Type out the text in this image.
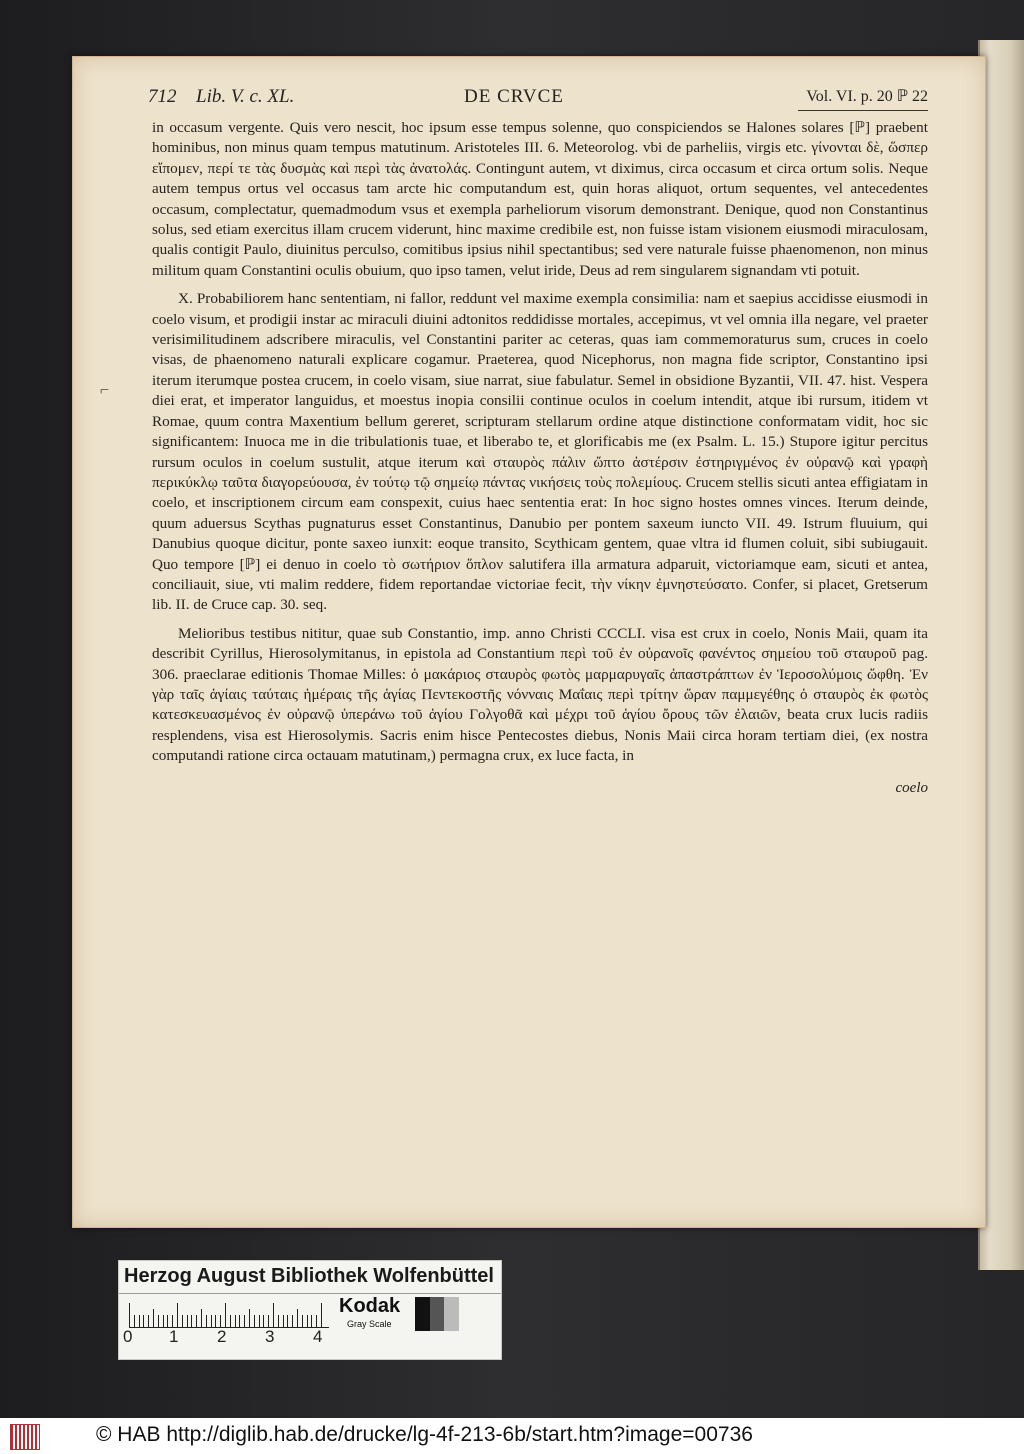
712 Lib. V. c. XL.	DE CRVCE	Vol. VI. p. 20 ℙ 22
⌐

in occasum vergente. Quis vero nescit, hoc ipsum esse tempus solenne, quo conspiciendos se Halones solares [ℙ] praebent hominibus, non minus quam tempus matutinum. Aristoteles III. 6. Meteorolog. vbi de parheliis, virgis etc. γίνονται δὲ, ὥσπερ εἴπομεν, περί τε τὰς δυσμὰς καὶ περὶ τὰς ἀνατολάς. Contingunt autem, vt diximus, circa occasum et circa ortum solis. Neque autem tempus ortus vel occasus tam arcte hic computandum est, quin horas aliquot, ortum sequentes, vel antecedentes occasum, complectatur, quemadmodum vsus et exempla parheliorum visorum demonstrant. Denique, quod non Constantinus solus, sed etiam exercitus illam crucem viderunt, hinc maxime credibile est, non fuisse istam visionem eiusmodi miraculosam, qualis contigit Paulo, diuinitus perculso, comitibus ipsius nihil spectantibus; sed vere naturale fuisse phaenomenon, non minus militum quam Constantini oculis obuium, quo ipso tamen, velut iride, Deus ad rem singularem signandam vti potuit.

X. Probabiliorem hanc sententiam, ni fallor, reddunt vel maxime exempla consimilia: nam et saepius accidisse eiusmodi in coelo visum, et prodigii instar ac miraculi diuini adtonitos reddidisse mortales, accepimus, vt vel omnia illa negare, vel praeter verisimilitudinem adscribere miraculis, vel Constantini pariter ac ceteras, quas iam commemoraturus sum, cruces in coelo visas, de phaenomeno naturali explicare cogamur. Praeterea, quod Nicephorus, non magna fide scriptor, Constantino ipsi iterum iterumque postea crucem, in coelo visam, siue narrat, siue fabulatur. Semel in obsidione Byzantii, VII. 47. hist. Vespera diei erat, et imperator languidus, et moestus inopia consilii continue oculos in coelum intendit, atque ibi rursum, itidem vt Romae, quum contra Maxentium bellum gereret, scripturam stellarum ordine atque distinctione conformatam vidit, hoc sic significantem: Inuoca me in die tribulationis tuae, et liberabo te, et glorificabis me (ex Psalm. L. 15.) Stupore igitur percitus rursum oculos in coelum sustulit, atque iterum καὶ σταυρὸς πάλιν ὤπτο ἀστέρσιν ἐστηριγμένος ἐν οὐρανῷ καὶ γραφὴ περικύκλῳ ταῦτα διαγορεύουσα, ἐν τούτῳ τῷ σημείῳ πάντας νικήσεις τοὺς πολεμίους. Crucem stellis sicuti antea effigiatam in coelo, et inscriptionem circum eam conspexit, cuius haec sententia erat: In hoc signo hostes omnes vinces. Iterum deinde, quum aduersus Scythas pugnaturus esset Constantinus, Danubio per pontem saxeum iuncto VII. 49. Istrum fluuium, qui Danubius quoque dicitur, ponte saxeo iunxit: eoque transito, Scythicam gentem, quae vltra id flumen coluit, sibi subiugauit. Quo tempore [ℙ] ei denuo in coelo τὸ σωτήριον ὅπλον salutifera illa armatura adparuit, victoriamque eam, sicuti et antea, conciliauit, siue, vti malim reddere, fidem reportandae victoriae fecit, τὴν νίκην ἐμνηστεύσατο. Confer, si placet, Gretserum lib. II. de Cruce cap. 30. seq.

Melioribus testibus nititur, quae sub Constantio, imp. anno Christi CCCLI. visa est crux in coelo, Nonis Maii, quam ita describit Cyrillus, Hierosolymitanus, in epistola ad Constantium περὶ τοῦ ἐν οὐρανοῖς φανέντος σημείου τοῦ σταυροῦ pag. 306. praeclarae editionis Thomae Milles: ὁ μακάριος σταυρὸς φωτὸς μαρμαρυγαῖς ἀπαστράπτων ἐν Ἱεροσολύμοις ὤφθη. Ἐν γὰρ ταῖς ἁγίαις ταύταις ἡμέραις τῆς ἁγίας Πεντεκοστῆς νόνναις Μαΐαις περὶ τρίτην ὥραν παμμεγέθης ὁ σταυρὸς ἐκ φωτὸς κατεσκευασμένος ἐν οὐρανῷ ὑπεράνω τοῦ ἁγίου Γολγοθᾶ καὶ μέχρι τοῦ ἁγίου ὄρους τῶν ἐλαιῶν, beata crux lucis radiis resplendens, visa est Hierosolymis. Sacris enim hisce Pentecostes diebus, Nonis Maii circa horam tertiam diei, (ex nostra computandi ratione circa octauam matutinam,) permagna crux, ex luce facta, in

coelo
Herzog August Bibliothek Wolfenbüttel
0 1 2 3 4
Kodak
Gray Scale
© HAB http://diglib.hab.de/drucke/lg-4f-213-6b/start.htm?image=00736
